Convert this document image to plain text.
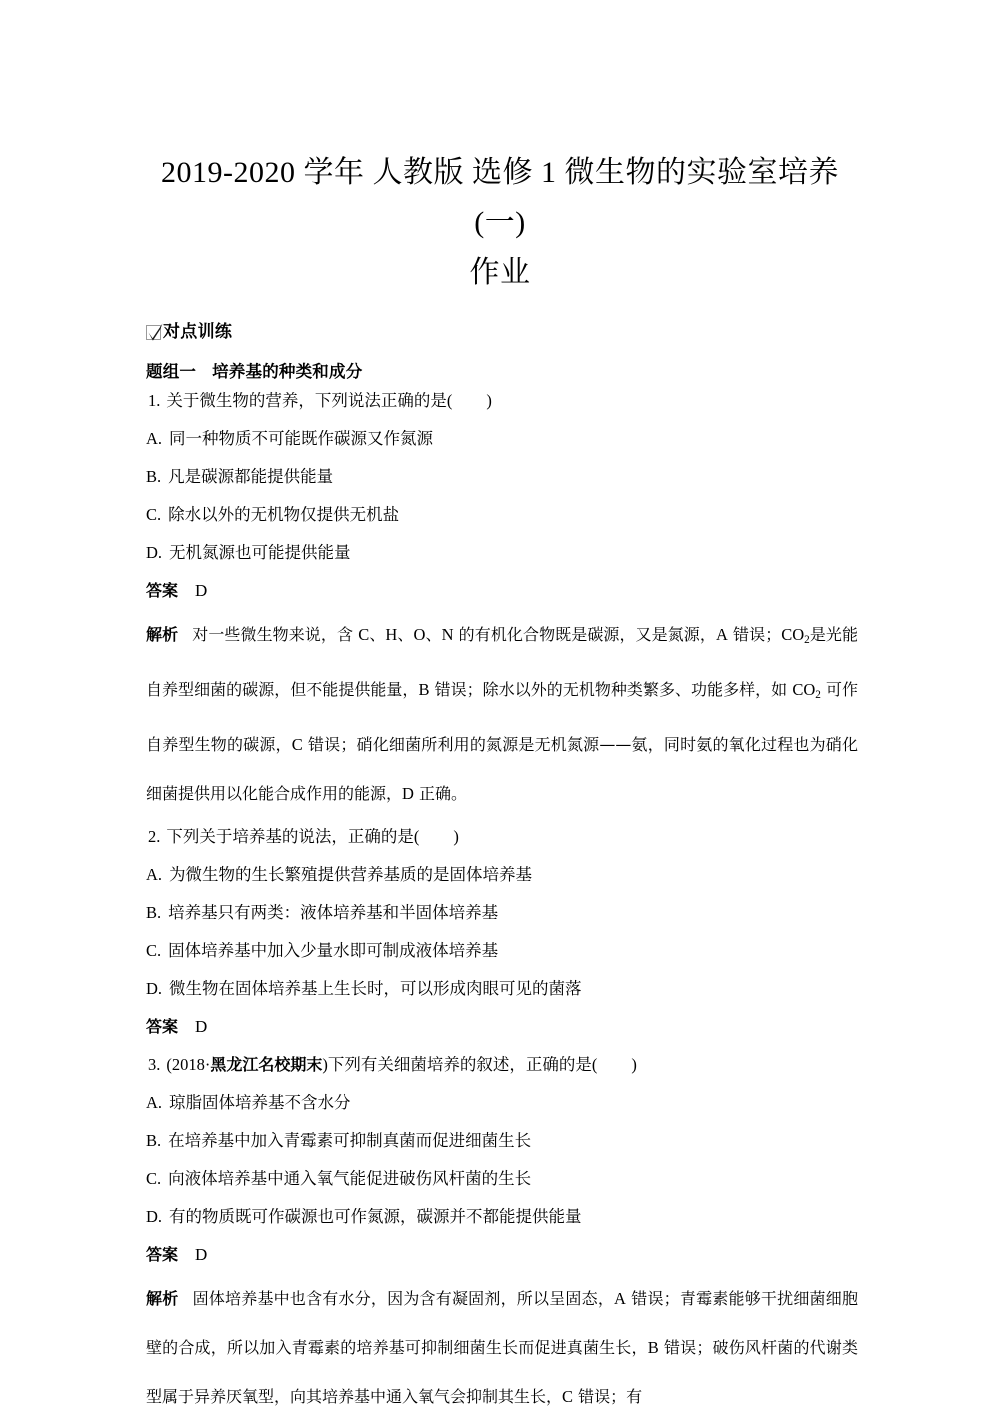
2019-2020 学年 人教版 选修 1 微生物的实验室培养(一)
作业
对点训练
题组一 培养基的种类和成分
1. 关于微生物的营养，下列说法正确的是( )
A. 同一种物质不可能既作碳源又作氮源
B. 凡是碳源都能提供能量
C. 除水以外的无机物仅提供无机盐
D. 无机氮源也可能提供能量
答案 D
解析 对一些微生物来说，含 C、H、O、N 的有机化合物既是碳源，又是氮源，A 错误；$CO_2$是光能自养型细菌的碳源，但不能提供能量，B 错误；除水以外的无机物种类繁多、功能多样，如 $CO_2$ 可作自养型生物的碳源，C 错误；硝化细菌所利用的氮源是无机氮源——氨，同时氨的氧化过程也为硝化细菌提供用以化能合成作用的能源，D 正确。
2. 下列关于培养基的说法，正确的是( )
A. 为微生物的生长繁殖提供营养基质的是固体培养基
B. 培养基只有两类：液体培养基和半固体培养基
C. 固体培养基中加入少量水即可制成液体培养基
D. 微生物在固体培养基上生长时，可以形成肉眼可见的菌落
答案 D
3. (2018·黑龙江名校期末)下列有关细菌培养的叙述，正确的是( )
A. 琼脂固体培养基不含水分
B. 在培养基中加入青霉素可抑制真菌而促进细菌生长
C. 向液体培养基中通入氧气能促进破伤风杆菌的生长
D. 有的物质既可作碳源也可作氮源，碳源并不都能提供能量
答案 D
解析 固体培养基中也含有水分，因为含有凝固剂，所以呈固态，A 错误；青霉素能够干扰细菌细胞壁的合成，所以加入青霉素的培养基可抑制细菌生长而促进真菌生长，B 错误；破伤风杆菌的代谢类型属于异养厌氧型，向其培养基中通入氧气会抑制其生长，C 错误；有
